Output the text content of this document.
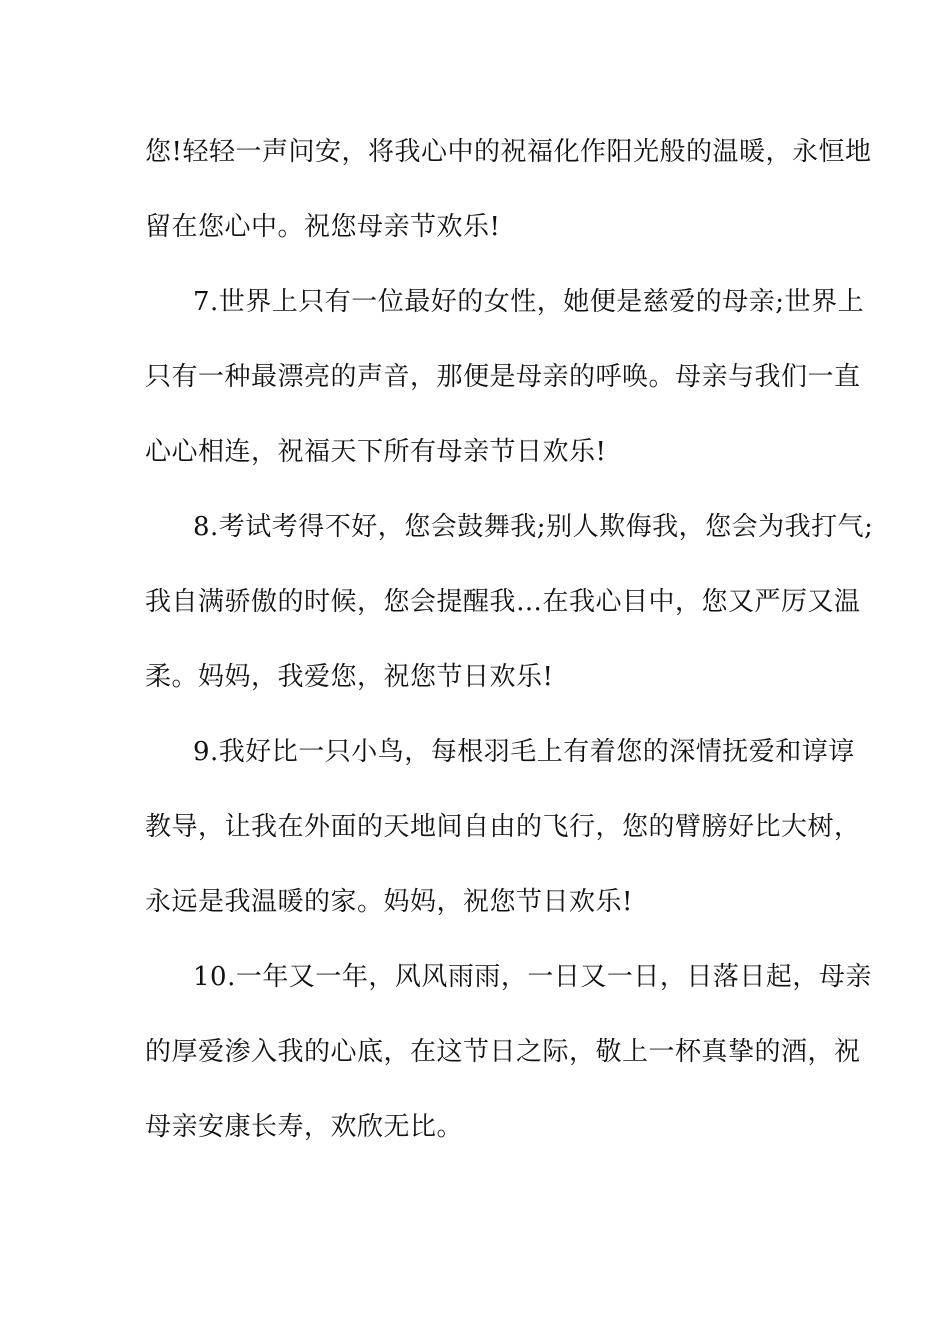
您!轻轻一声问安，将我心中的祝福化作阳光般的温暖，永恒地
留在您心中。祝您母亲节欢乐!
7.世界上只有一位最好的女性，她便是慈爱的母亲;世界上
只有一种最漂亮的声音，那便是母亲的呼唤。母亲与我们一直
心心相连，祝福天下所有母亲节日欢乐!
8.考试考得不好，您会鼓舞我;别人欺侮我，您会为我打气;
我自满骄傲的时候，您会提醒我…在我心目中，您又严厉又温
柔。妈妈，我爱您，祝您节日欢乐!
9.我好比一只小鸟，每根羽毛上有着您的深情抚爱和谆谆
教导，让我在外面的天地间自由的飞行，您的臂膀好比大树，
永远是我温暖的家。妈妈，祝您节日欢乐!
10.一年又一年，风风雨雨，一日又一日，日落日起，母亲
的厚爱渗入我的心底，在这节日之际，敬上一杯真挚的酒，祝
母亲安康长寿，欢欣无比。
